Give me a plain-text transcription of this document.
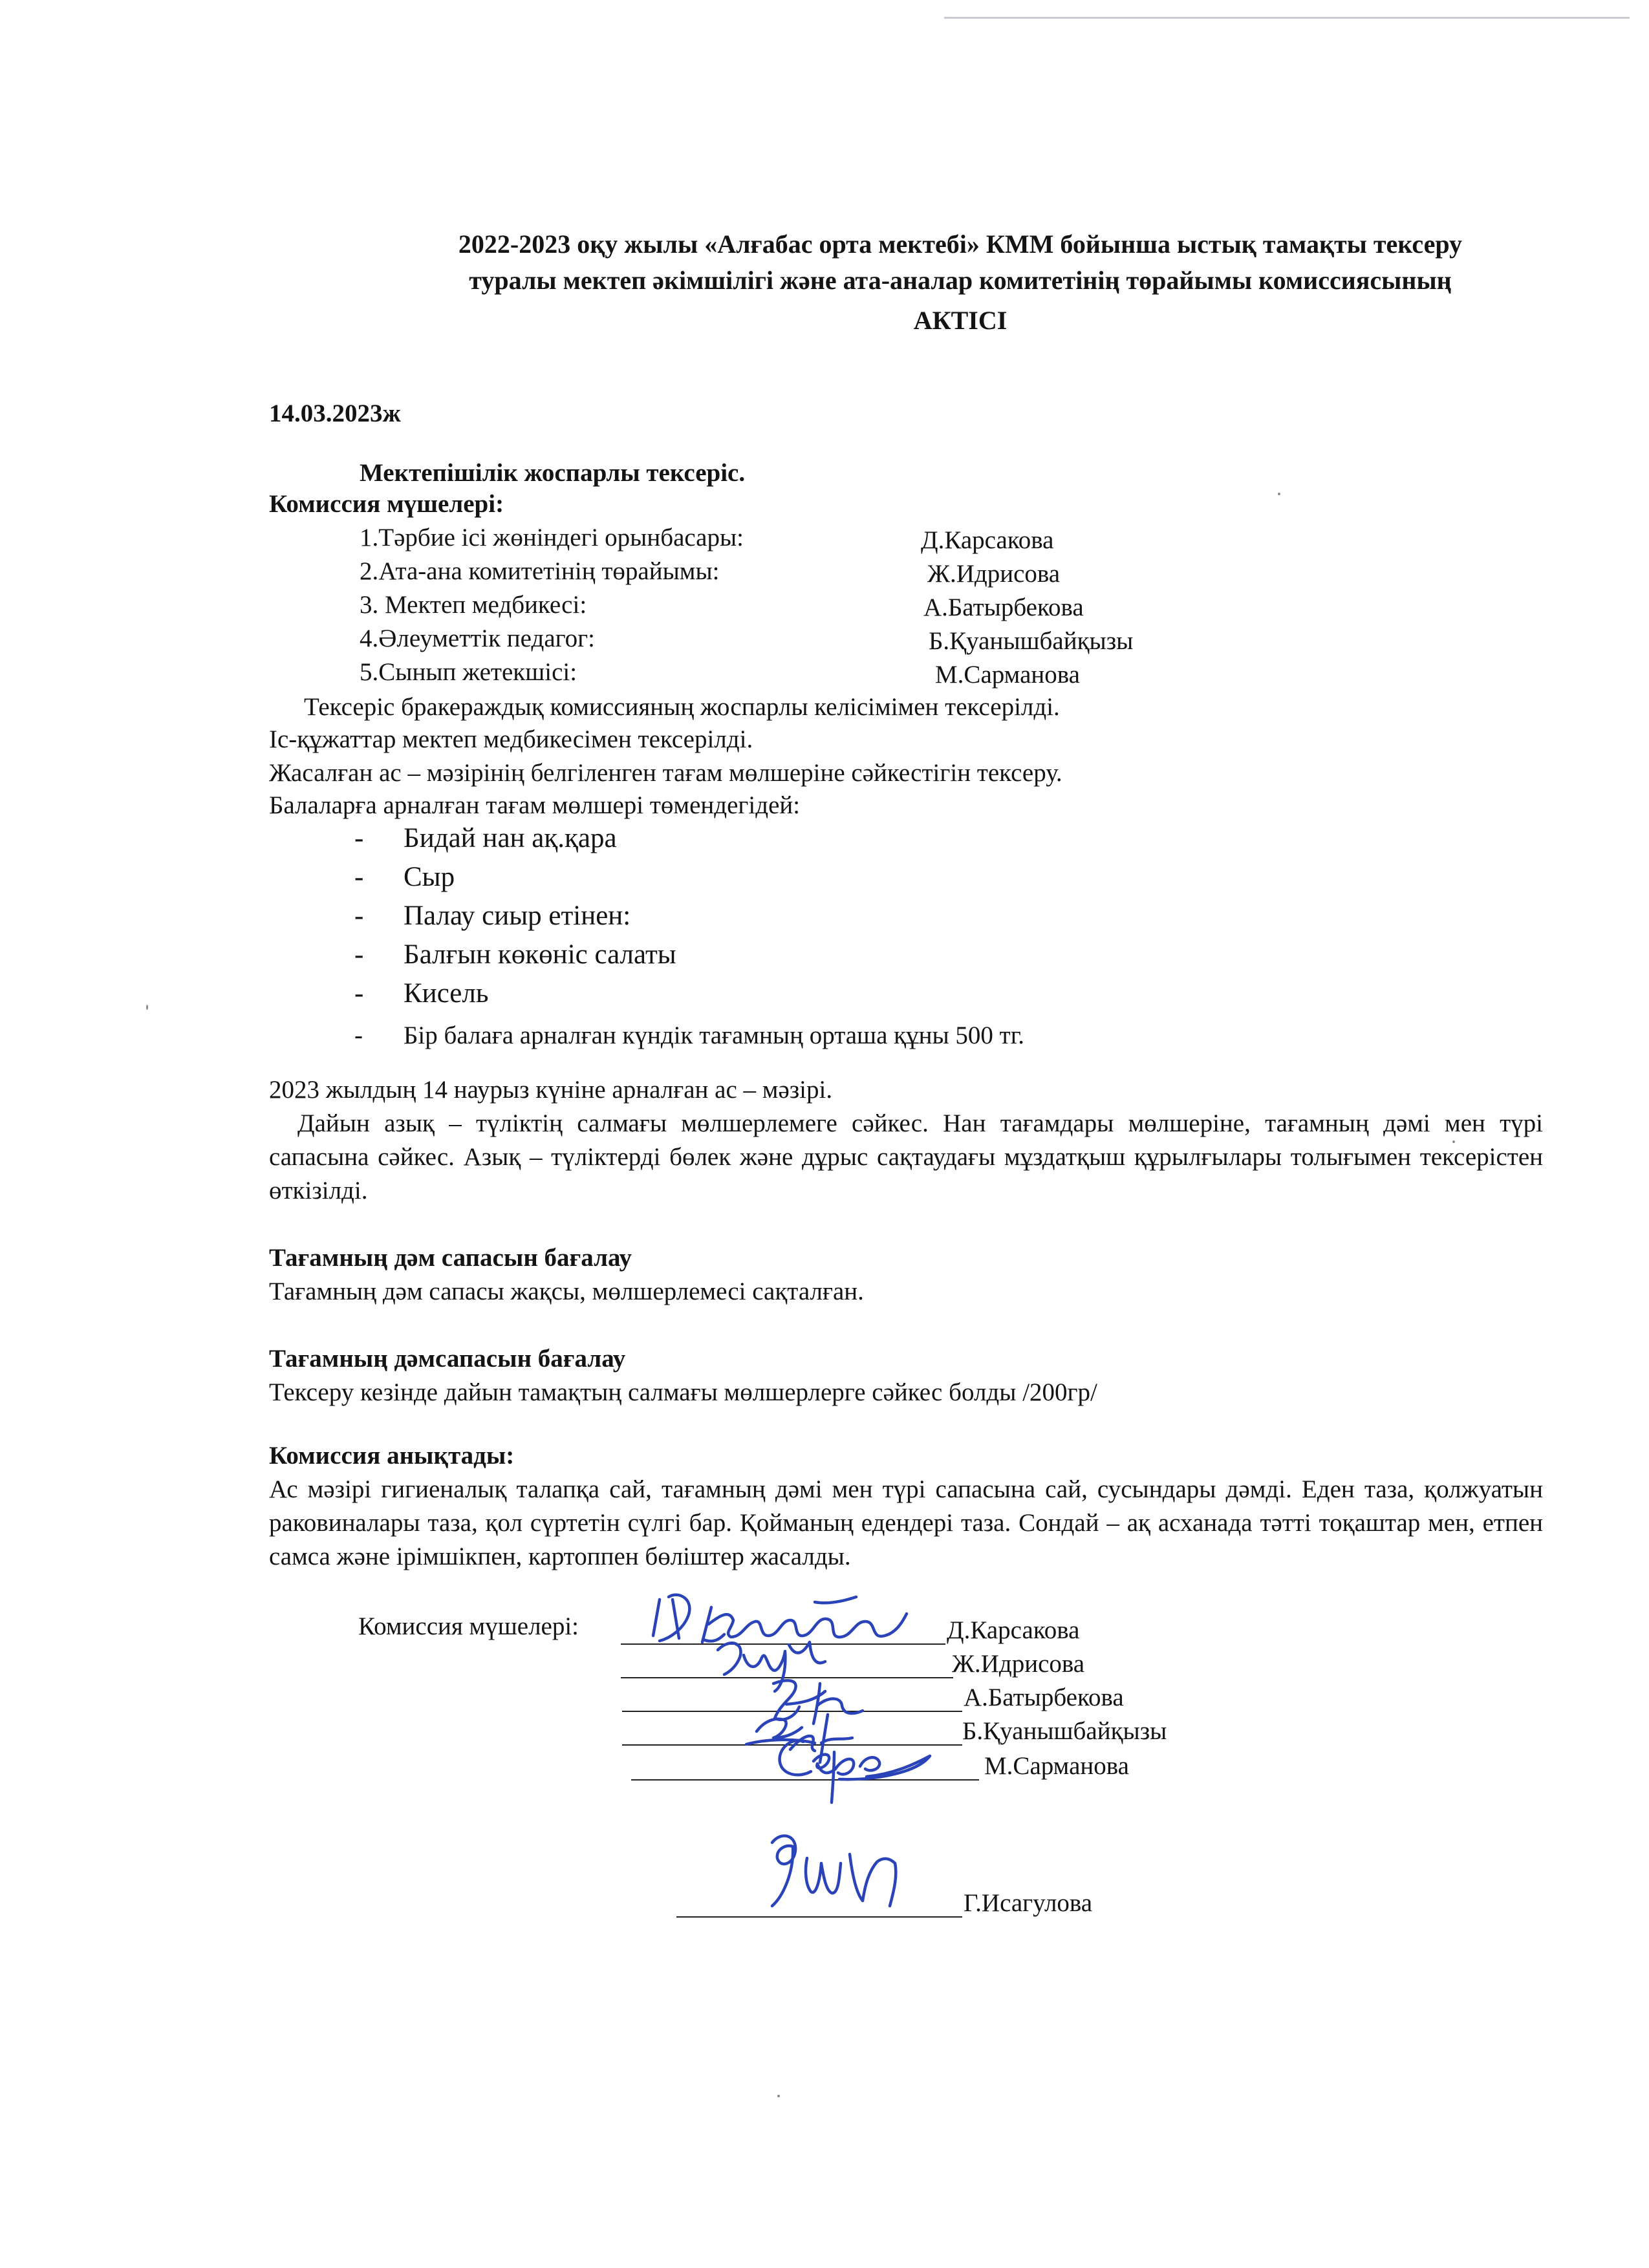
2022-2023 оқу жылы «Алғабас орта мектебі» КММ бойынша ыстық тамақты тексеру
туралы мектеп әкімшілігі және ата-аналар комитетінің төрайымы комиссиясының
АКТІСІ
14.03.2023ж
Мектепішілік жоспарлы тексеріс.
Комиссия мүшелері:
1.Тәрбие ісі жөніндегі орынбасары:	Д.Карсакова
2.Ата-ана комитетінің төрайымы:	Ж.Идрисова
3. Мектеп медбикесі:	А.Батырбекова
4.Әлеуметтік педагог:	Б.Қуанышбайқызы
5.Сынып жетекшісі:	М.Сарманова
Тексеріс бракераждық комиссияның жоспарлы келісімімен тексерілді.
Іс-құжаттар мектеп медбикесімен тексерілді.
Жасалған ас – мәзірінің белгіленген тағам мөлшеріне сәйкестігін тексеру.
Балаларға арналған тағам мөлшері төмендегідей:
- Бидай нан ақ.қара
- Сыр
- Палау сиыр етінен:
- Балғын көкөніс салаты
- Кисель
- Бір балаға арналған күндік тағамның орташа құны 500 тг.
2023 жылдың 14 наурыз күніне арналған ас – мәзірі.
Дайын азық – түліктің салмағы мөлшерлемеге сәйкес. Нан тағамдары мөлшеріне, тағамның дәмі мен түрі сапасына сәйкес. Азық – түліктерді бөлек және дұрыс сақтаудағы мұздатқыш құрылғылары толығымен тексерістен өткізілді.
Тағамның дәм сапасын бағалау
Тағамның дәм сапасы жақсы, мөлшерлемесі сақталған.
Тағамның дәмсапасын бағалау
Тексеру кезінде дайын тамақтың салмағы мөлшерлерге сәйкес болды /200гр/
Комиссия анықтады:
Ас мәзірі гигиеналық талапқа сай, тағамның дәмі мен түрі сапасына сай, сусындары дәмді. Еден таза, қолжуатын раковиналары таза, қол сүртетін сүлгі бар. Қойманың едендері таза. Сондай – ақ асханада тәтті тоқаштар мен, етпен самса және ірімшікпен, картоппен бөліштер жасалды.
Комиссия мүшелері:	Д.Карсакова
Ж.Идрисова
А.Батырбекова
Б.Қуанышбайқызы
М.Сарманова
Г.Исагулова
